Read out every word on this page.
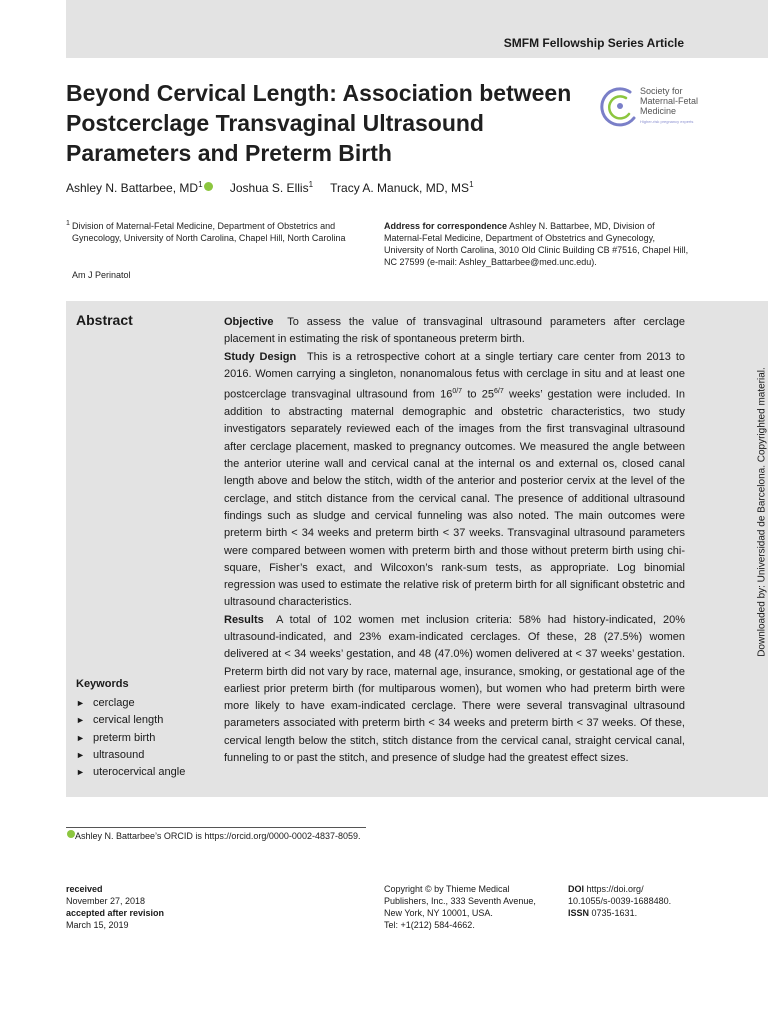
SMFM Fellowship Series Article
Beyond Cervical Length: Association between
Postcerclage Transvaginal Ultrasound
Parameters and Preterm Birth
Society for
Maternal-Fetal
Medicine
Higher-risk pregnancy experts
Ashley N. Battarbee, $MD^1$ Joshua S. Ellis$^1$ Tracy A. Manuck, MD, $MS^1$
1 Division of Maternal-Fetal Medicine, Department of Obstetrics and Gynecology, University of North Carolina, Chapel Hill, North Carolina
Am J Perinatol
Address for correspondence Ashley N. Battarbee, MD, Division of Maternal-Fetal Medicine, Department of Obstetrics and Gynecology, University of North Carolina, 3010 Old Clinic Building CB #7516, Chapel Hill, NC 27599 (e-mail: Ashley_Battarbee@med.unc.edu).
Abstract	Objective To assess the value of transvaginal ultrasound parameters after cerclage placement in estimating the risk of spontaneous preterm birth.

Study Design This is a retrospective cohort at a single tertiary care center from 2013 to 2016. Women carrying a singleton, nonanomalous fetus with cerclage in situ and at least one postcerclage transvaginal ultrasound from $16^{0/7}$ to $25^{6/7}$ weeks’ gestation were included. In addition to abstracting maternal demographic and obstetric characteristics, two study investigators separately reviewed each of the images from the first transvaginal ultrasound after cerclage placement, masked to pregnancy outcomes. We measured the angle between the anterior uterine wall and cervical canal at the internal os and external os, closed canal length above and below the stitch, width of the anterior and posterior cervix at the level of the cerclage, and stitch distance from the cervical canal. The presence of additional ultrasound findings such as sludge and cervical funneling was also noted. The main outcomes were preterm birth < 34 weeks and preterm birth < 37 weeks. Transvaginal ultrasound parameters were compared between women with preterm birth and those without preterm birth using chi-square, Fisher’s exact, and Wilcoxon’s rank-sum tests, as appropriate. Log binomial regression was used to estimate the relative risk of preterm birth for all significant obstetric and ultrasound characteristics.

Results A total of 102 women met inclusion criteria: 58% had history-indicated, 20% ultrasound-indicated, and 23% exam-indicated cerclages. Of these, 28 (27.5%) women delivered at < 34 weeks’ gestation, and 48 (47.0%) women delivered at < 37 weeks’ gestation. Preterm birth did not vary by race, maternal age, insurance, smoking, or gestational age of the earliest prior preterm birth (for multiparous women), but women who had preterm birth were more likely to have exam-indicated cerclage. There were several transvaginal ultrasound parameters associated with preterm birth < 34 weeks and preterm birth < 37 weeks. Of these, cervical length below the stitch, stitch distance from the cervical canal, straight cervical canal, funneling to or past the stitch, and presence of sludge had the greatest effect sizes.

Keywords
► cerclage
► cervical length
► preterm birth
► ultrasound
► uterocervical angle
Downloaded by: Universidad de Barcelona. Copyrighted material.
Ashley N. Battarbee’s ORCID is https://orcid.org/0000-0002-4837-8059.
received
November 27, 2018
accepted after revision
March 15, 2019
Copyright © by Thieme Medical
Publishers, Inc., 333 Seventh Avenue,
New York, NY 10001, USA.
Tel: +1(212) 584-4662.
DOI https://doi.org/
10.1055/s-0039-1688480.
ISSN 0735-1631.
